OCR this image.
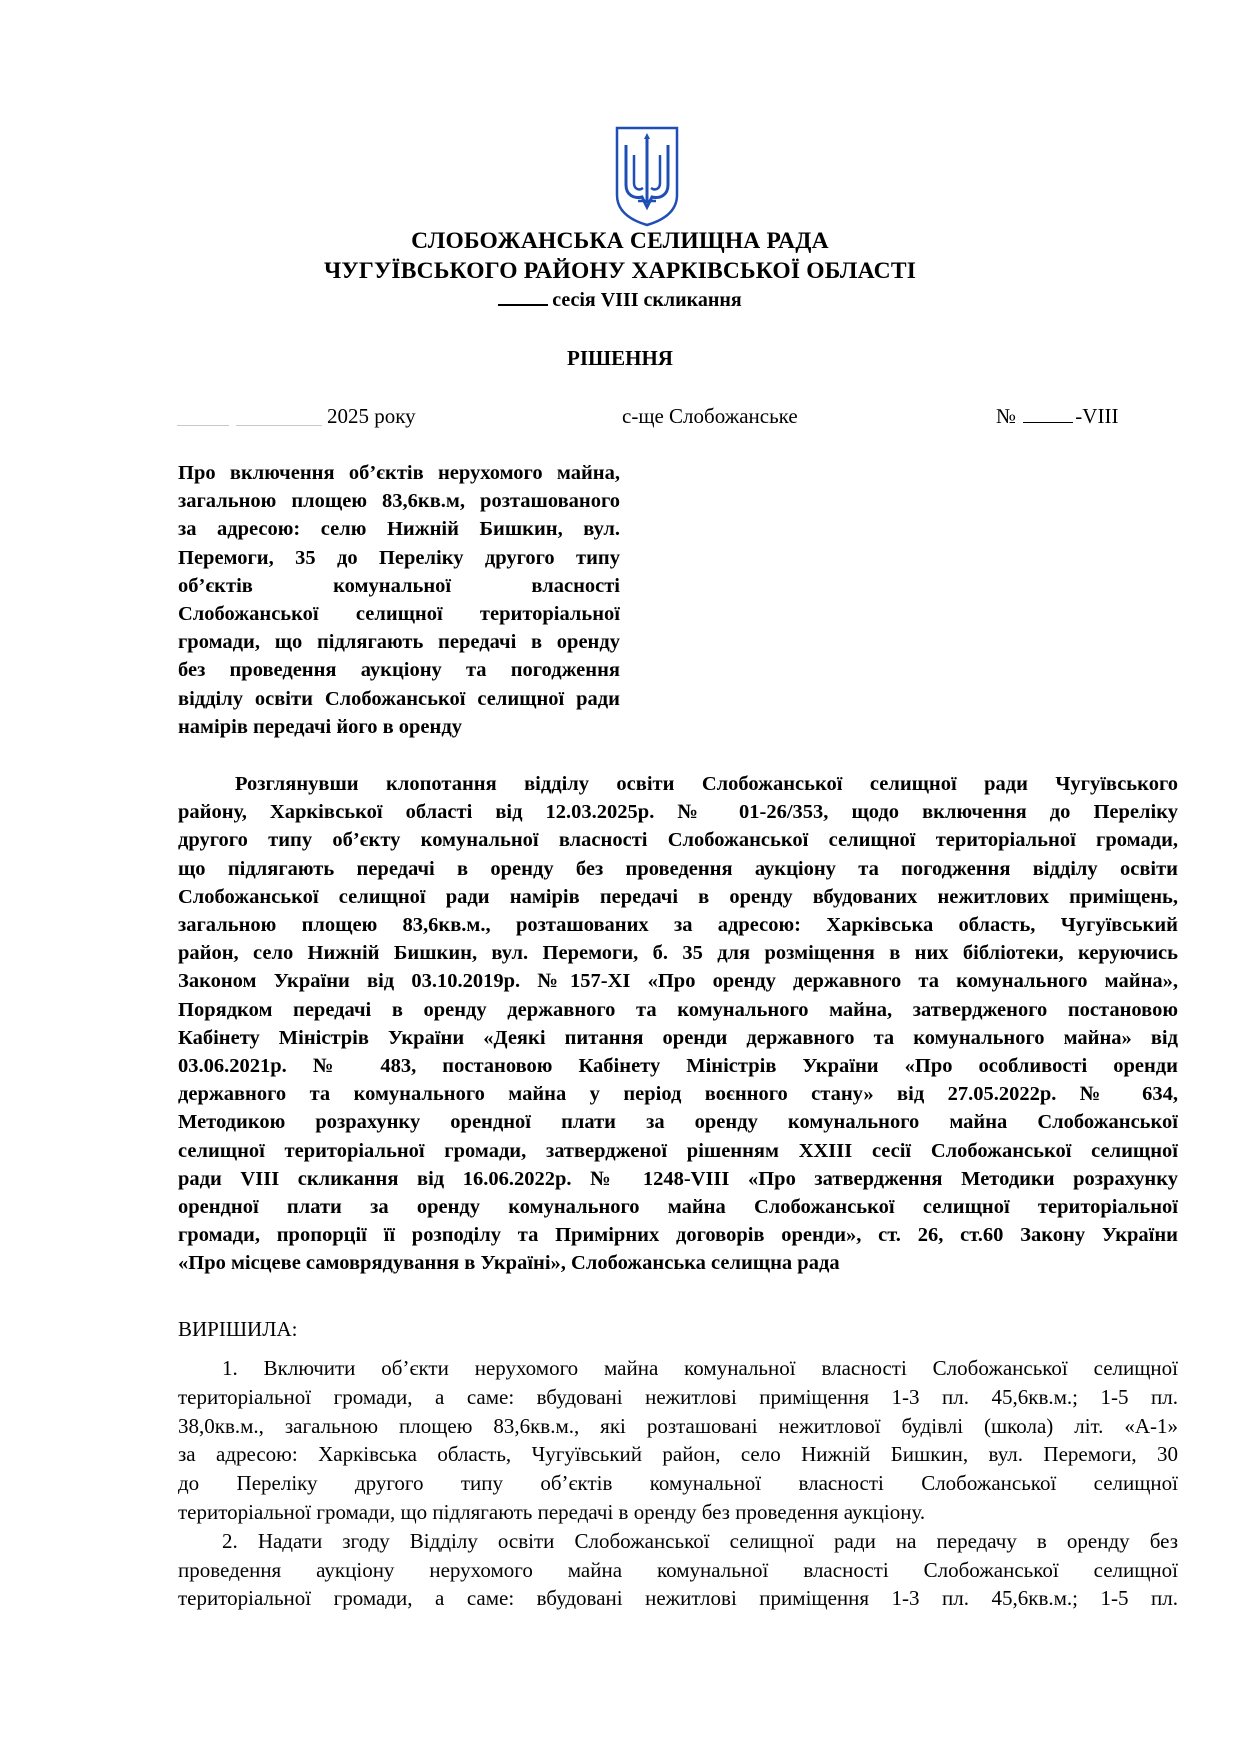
СЛОБОЖАНСЬКА СЕЛИЩНА РАДА
ЧУГУЇВСЬКОГО РАЙОНУ ХАРКІВСЬКОЇ ОБЛАСТІ
сесія VIII скликання
РІШЕННЯ
2025 року	с-ще Слобожанське	№	-VIII
Про включення об’єктів нерухомого майна,
загальною площею 83,6кв.м, розташованого
за адресою: селю Нижній Бишкин, вул.
Перемоги, 35 до Переліку другого типу
об’єктів комунальної власності
Слобожанської селищної територіальної
громади, що підлягають передачі в оренду
без проведення аукціону та погодження
відділу освіти Слобожанської селищної ради
намірів передачі його в оренду
Розглянувши клопотання відділу освіти Слобожанської селищної ради Чугуївського
району, Харківської області від 12.03.2025р. № 01-26/353, щодо включення до Переліку
другого типу об’єкту комунальної власності Слобожанської селищної територіальної громади,
що підлягають передачі в оренду без проведення аукціону та погодження відділу освіти
Слобожанської селищної ради намірів передачі в оренду вбудованих нежитлових приміщень,
загальною площею 83,6кв.м., розташованих за адресою: Харківська область, Чугуївський
район, село Нижній Бишкин, вул. Перемоги, б. 35 для розміщення в них бібліотеки, керуючись
Законом України від 03.10.2019р. №157-ХІ «Про оренду державного та комунального майна»,
Порядком передачі в оренду державного та комунального майна, затвердженого постановою
Кабінету Міністрів України «Деякі питання оренди державного та комунального майна» від
03.06.2021р. № 483, постановою Кабінету Міністрів України «Про особливості оренди
державного та комунального майна у період воєнного стану» від 27.05.2022р. № 634,
Методикою розрахунку орендної плати за оренду комунального майна Слобожанської
селищної територіальної громади, затвердженої рішенням XXIII сесії Слобожанської селищної
ради VIII скликання від 16.06.2022р. № 1248-VIII «Про затвердження Методики розрахунку
орендної плати за оренду комунального майна Слобожанської селищної територіальної
громади, пропорції її розподілу та Примірних договорів оренди», ст. 26, ст.60 Закону України
«Про місцеве самоврядування в Україні», Слобожанська селищна рада
ВИРІШИЛА:
1. Включити об’єкти нерухомого майна комунальної власності Слобожанської селищної
територіальної громади, а саме: вбудовані нежитлові приміщення 1-3 пл. 45,6кв.м.; 1-5 пл.
38,0кв.м., загальною площею 83,6кв.м., які розташовані нежитлової будівлі (школа) літ. «А-1»
за адресою: Харківська область, Чугуївський район, село Нижній Бишкин, вул. Перемоги, 30
до Переліку другого типу об’єктів комунальної власності Слобожанської селищної
територіальної громади, що підлягають передачі в оренду без проведення аукціону.
2. Надати згоду Відділу освіти Слобожанської селищної ради на передачу в оренду без
проведення аукціону нерухомого майна комунальної власності Слобожанської селищної
територіальної громади, а саме: вбудовані нежитлові приміщення 1-3 пл. 45,6кв.м.; 1-5 пл.
